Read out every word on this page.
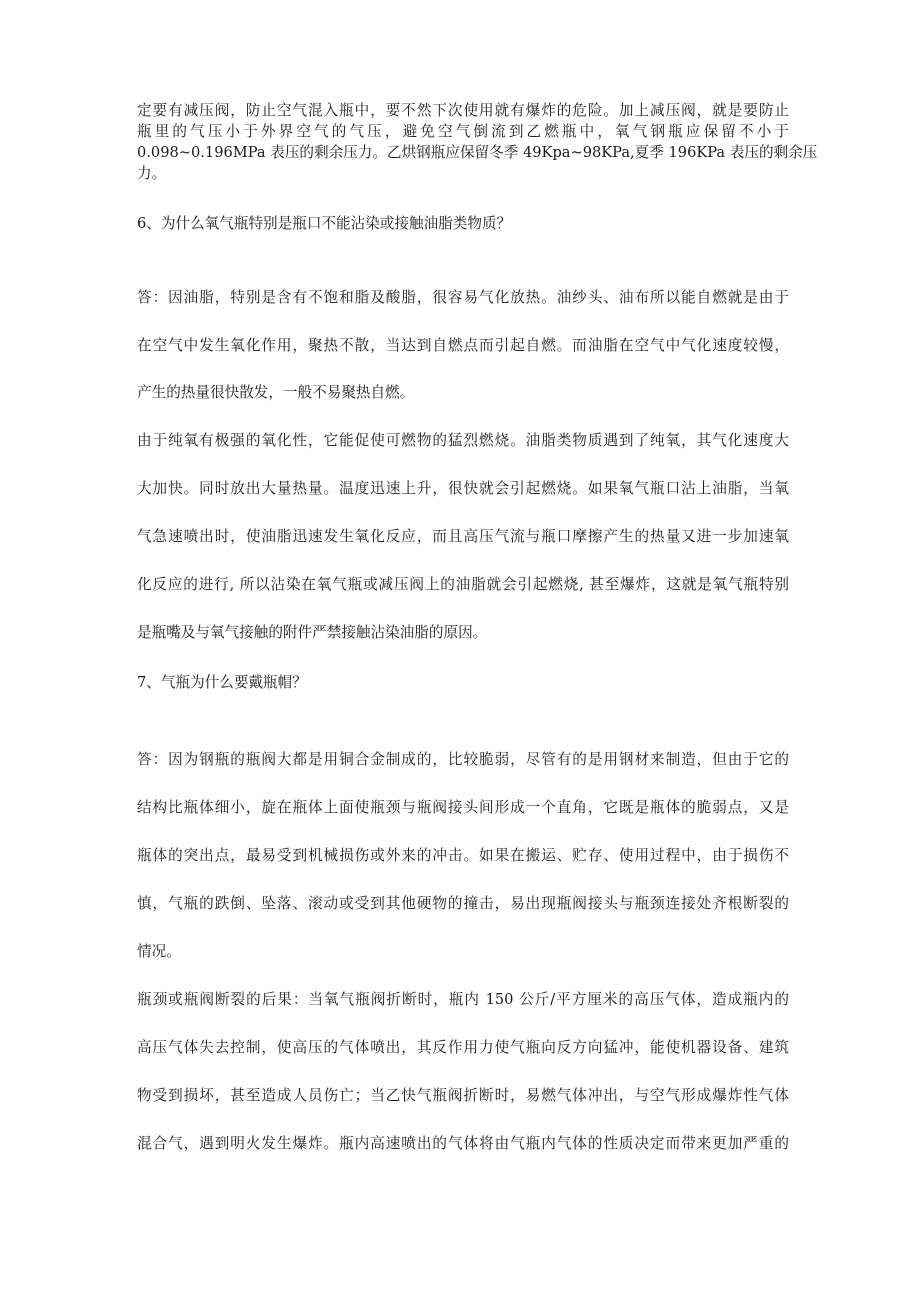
定要有减压阀，防止空气混入瓶中，要不然下次使用就有爆炸的危险。加上减压阀，就是要防止

瓶里的气压小于外界空气的气压，避免空气倒流到乙燃瓶中，氧气钢瓶应保留不小于

0.098~0.196MPa 表压的剩余压力。乙烘钢瓶应保留冬季 49Kpa~98KPa,夏季 196KPa 表压的剩余压

力。

6、为什么氧气瓶特别是瓶口不能沾染或接触油脂类物质？

答：因油脂，特别是含有不饱和脂及酸脂，很容易气化放热。油纱头、油布所以能自燃就是由于

在空气中发生氧化作用，聚热不散，当达到自燃点而引起自燃。而油脂在空气中气化速度较慢，

产生的热量很快散发，一般不易聚热自燃。

由于纯氧有极强的氧化性，它能促使可燃物的猛烈燃烧。油脂类物质遇到了纯氧，其气化速度大

大加快。同时放出大量热量。温度迅速上升，很快就会引起燃烧。如果氧气瓶口沾上油脂，当氧

气急速喷出时，使油脂迅速发生氧化反应，而且高压气流与瓶口摩擦产生的热量又进一步加速氧

化反应的进行, 所以沾染在氧气瓶或减压阀上的油脂就会引起燃烧, 甚至爆炸，这就是氧气瓶特别

是瓶嘴及与氧气接触的附件严禁接触沾染油脂的原因。

7、气瓶为什么要戴瓶帽？

答：因为钢瓶的瓶阀大都是用铜合金制成的，比较脆弱，尽管有的是用钢材来制造，但由于它的

结构比瓶体细小，旋在瓶体上面使瓶颈与瓶阀接头间形成一个直角，它既是瓶体的脆弱点，又是

瓶体的突出点，最易受到机械损伤或外来的冲击。如果在搬运、贮存、使用过程中，由于损伤不

慎，气瓶的跌倒、坠落、滚动或受到其他硬物的撞击，易出现瓶阀接头与瓶颈连接处齐根断裂的

情况。

瓶颈或瓶阀断裂的后果：当氧气瓶阀折断时，瓶内 150 公斤/平方厘米的高压气体，造成瓶内的

高压气体失去控制，使高压的气体喷出，其反作用力使气瓶向反方向猛冲，能使机器设备、建筑

物受到损坏，甚至造成人员伤亡；当乙快气瓶阀折断时，易燃气体冲出，与空气形成爆炸性气体

混合气，遇到明火发生爆炸。瓶内高速喷出的气体将由气瓶内气体的性质决定而带来更加严重的
